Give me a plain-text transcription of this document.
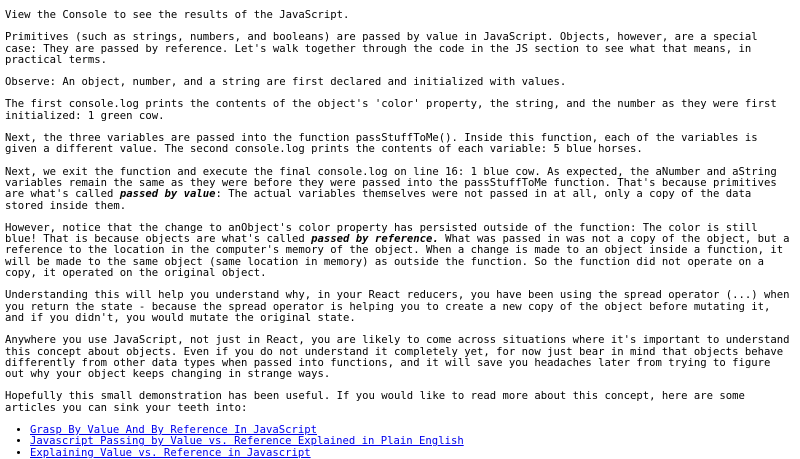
View the Console to see the results of the JavaScript.

Primitives (such as strings, numbers, and booleans) are passed by value in JavaScript. Objects, however, are a special case: They are passed by reference. Let's walk together through the code in the JS section to see what that means, in practical terms.

Observe: An object, number, and a string are first declared and initialized with values.

The first console.log prints the contents of the object's 'color' property, the string, and the number as they were first initialized: 1 green cow.

Next, the three variables are passed into the function passStuffToMe(). Inside this function, each of the variables is given a different value. The second console.log prints the contents of each variable: 5 blue horses.

Next, we exit the function and execute the final console.log on line 16: 1 blue cow. As expected, the aNumber and aString variables remain the same as they were before they were passed into the passStuffToMe function. That's because primitives are what's called passed by value: The actual variables themselves were not passed in at all, only a copy of the data stored inside them.

However, notice that the change to anObject's color property has persisted outside of the function: The color is still blue! That is because objects are what's called passed by reference. What was passed in was not a copy of the object, but a reference to the location in the computer's memory of the object. When a change is made to an object inside a function, it will be made to the same object (same location in memory) as outside the function. So the function did not operate on a copy, it operated on the original object.

Understanding this will help you understand why, in your React reducers, you have been using the spread operator (...) when you return the state - because the spread operator is helping you to create a new copy of the object before mutating it, and if you didn't, you would mutate the original state.

Anywhere you use JavaScript, not just in React, you are likely to come across situations where it's important to understand this concept about objects. Even if you do not understand it completely yet, for now just bear in mind that objects behave differently from other data types when passed into functions, and it will save you headaches later from trying to figure out why your object keeps changing in strange ways.

Hopefully this small demonstration has been useful. If you would like to read more about this concept, here are some articles you can sink your teeth into:

• Grasp By Value And By Reference In JavaScript
• Javascript Passing by Value vs. Reference Explained in Plain English
• Explaining Value vs. Reference in Javascript
